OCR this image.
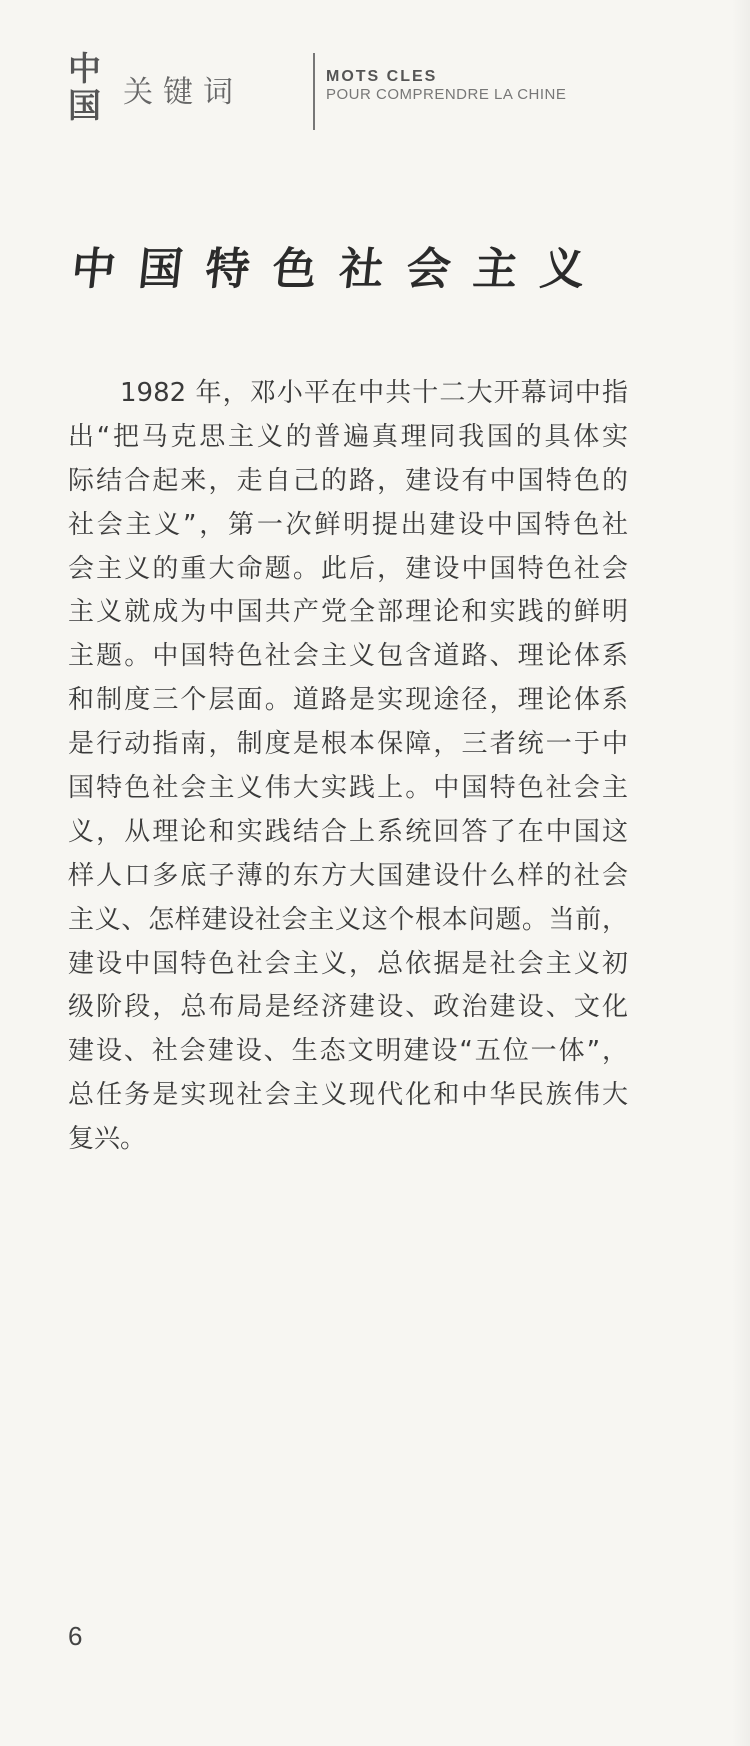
中
国 关键词	MOTS CLES
POUR COMPRENDRE LA CHINE
中国特色社会主义
1982 年，邓小平在中共十二大开幕词中指
出“把马克思主义的普遍真理同我国的具体实
际结合起来，走自己的路，建设有中国特色的
社会主义”，第一次鲜明提出建设中国特色社
会主义的重大命题。此后，建设中国特色社会
主义就成为中国共产党全部理论和实践的鲜明
主题。中国特色社会主义包含道路、理论体系
和制度三个层面。道路是实现途径，理论体系
是行动指南，制度是根本保障，三者统一于中
国特色社会主义伟大实践上。中国特色社会主
义，从理论和实践结合上系统回答了在中国这
样人口多底子薄的东方大国建设什么样的社会
主义、怎样建设社会主义这个根本问题。当前，
建设中国特色社会主义，总依据是社会主义初
级阶段，总布局是经济建设、政治建设、文化
建设、社会建设、生态文明建设“五位一体”，
总任务是实现社会主义现代化和中华民族伟大
复兴。
6
